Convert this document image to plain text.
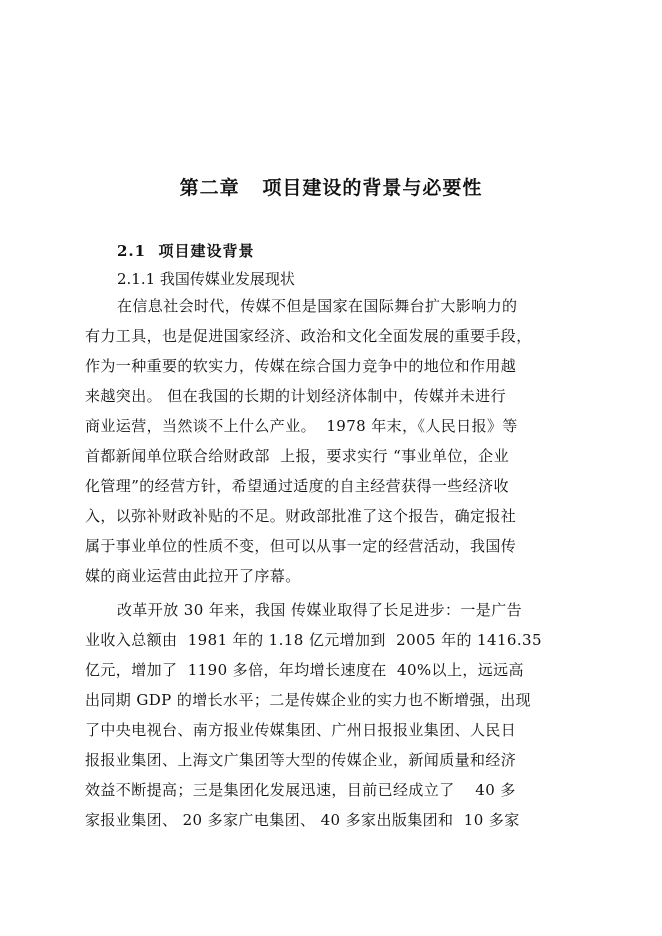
第二章   项目建设的背景与必要性
2.1  项目建设背景
2.1.1 我国传媒业发展现状
在信息社会时代，传媒不但是国家在国际舞台扩大影响力的
有力工具，也是促进国家经济、政治和文化全面发展的重要手段，
作为一种重要的软实力，传媒在综合国力竞争中的地位和作用越
来越突出。 但在我国的长期的计划经济体制中，传媒并未进行
商业运营，当然谈不上什么产业。  1978 年末，《人民日报》等
首都新闻单位联合给财政部  上报，要求实行 “事业单位，企业
化管理”的经营方针，希望通过适度的自主经营获得一些经济收
入，以弥补财政补贴的不足。财政部批准了这个报告，确定报社
属于事业单位的性质不变，但可以从事一定的经营活动，我国传
媒的商业运营由此拉开了序幕。
改革开放 30 年来，我国 传媒业取得了长足进步：一是广告
业收入总额由  1981 年的 1.18 亿元增加到  2005 年的 1416.35
亿元，增加了  1190 多倍，年均增长速度在  40%以上，远远高
出同期 GDP 的增长水平；二是传媒企业的实力也不断增强，出现
了中央电视台、南方报业传媒集团、广州日报报业集团、人民日
报报业集团、上海文广集团等大型的传媒企业，新闻质量和经济
效益不断提高；三是集团化发展迅速，目前已经成立了    40 多
家报业集团、 20 多家广电集团、 40 多家出版集团和  10 多家
